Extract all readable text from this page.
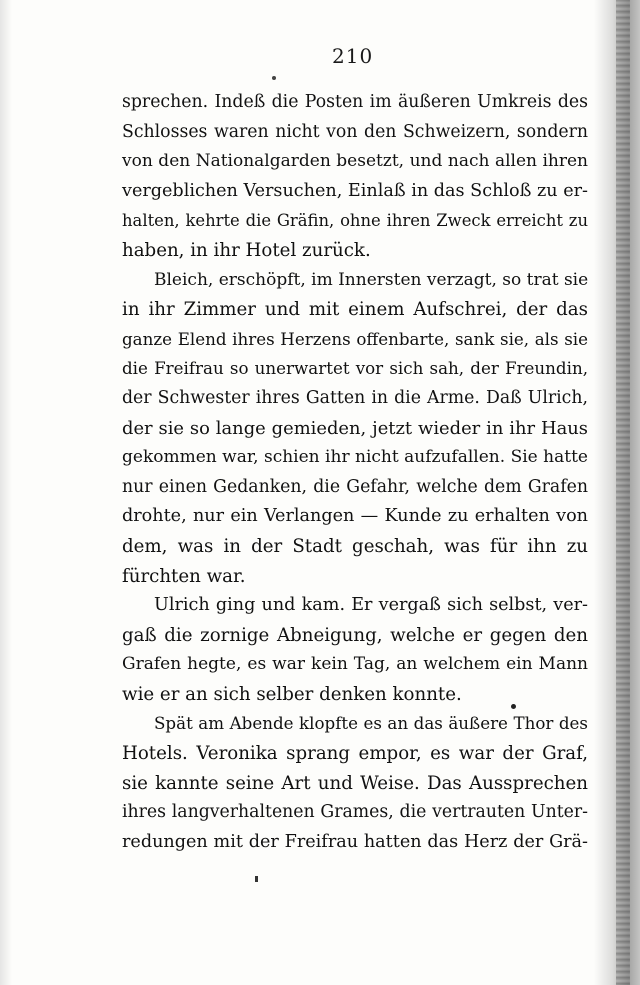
210
sprechen. Indeß die Posten im äußeren Umkreis des
Schlosses waren nicht von den Schweizern, sondern
von den Nationalgarden besetzt, und nach allen ihren
vergeblichen Versuchen, Einlaß in das Schloß zu er-
halten, kehrte die Gräfin, ohne ihren Zweck erreicht zu
haben, in ihr Hotel zurück.
Bleich, erschöpft, im Innersten verzagt, so trat sie
in ihr Zimmer und mit einem Aufschrei, der das
ganze Elend ihres Herzens offenbarte, sank sie, als sie
die Freifrau so unerwartet vor sich sah, der Freundin,
der Schwester ihres Gatten in die Arme. Daß Ulrich,
der sie so lange gemieden, jetzt wieder in ihr Haus
gekommen war, schien ihr nicht aufzufallen. Sie hatte
nur einen Gedanken, die Gefahr, welche dem Grafen
drohte, nur ein Verlangen — Kunde zu erhalten von
dem, was in der Stadt geschah, was für ihn zu
fürchten war.
Ulrich ging und kam. Er vergaß sich selbst, ver-
gaß die zornige Abneigung, welche er gegen den
Grafen hegte, es war kein Tag, an welchem ein Mann
wie er an sich selber denken konnte.
Spät am Abende klopfte es an das äußere Thor des
Hotels. Veronika sprang empor, es war der Graf,
sie kannte seine Art und Weise. Das Aussprechen
ihres langverhaltenen Grames, die vertrauten Unter-
redungen mit der Freifrau hatten das Herz der Grä-
